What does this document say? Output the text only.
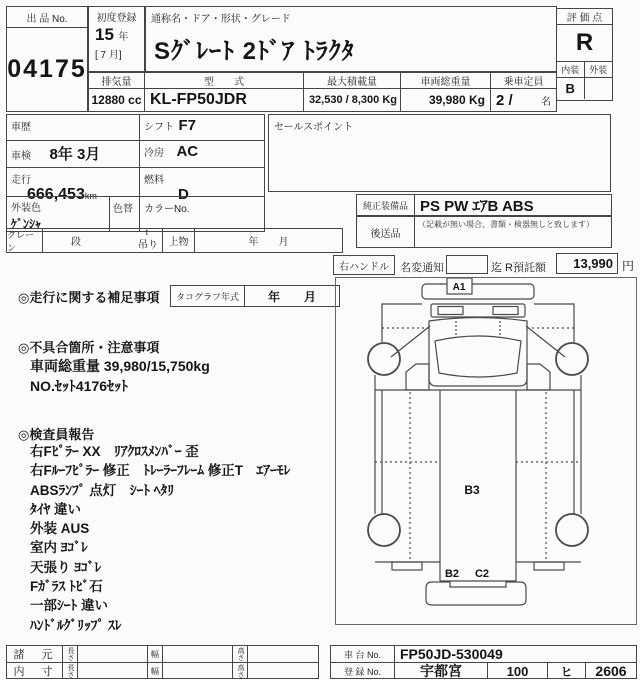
出 品 No.
04175
初度登録
15 年
[ 7 月]
通称名・ドア・形状・グレード
Sｸﾞﾚｰﾄ 2ﾄﾞｱ ﾄﾗｸﾀ
評 価 点
R
内装	外装
B
排気量	型　　式	最大積載量	車両総重量	乗車定員
12880 cc KL-FP50JDR	32,530 / 8,300 Kg	39,980 Kg 2 /	名
車歴	シフト F7
車検 8年 3月	冷房 AC
走行
666,453km
燃料
D
外装色
ｹﾞﾝｼｬ
色替	カラーNo.
セールスポイント
純正装備品 PS PW ｴｱB ABS
後送品
（記載が無い場合、書類・検器無しと致します）
クレーン	段
t
吊り	上物	年　　月
右ハンドル	名変通知	迄 R預託額	13,990 円
◎走行に関する補足事項	タコグラフ年式	年　　月
◎不具合箇所・注意事項
車両総重量 39,980/15,750kg
NO.ｾｯﾄ4176ｾｯﾄ
◎検査員報告
右Fﾋﾟﾗｰ XX　ﾘｱｸﾛｽﾒﾝﾊﾞｰ 歪
右Fﾙｰﾌﾋﾟﾗｰ 修正　ﾄﾚｰﾗｰﾌﾚｰﾑ 修正T　ｴｱｰﾓﾚ
ABSﾗﾝﾌﾟ 点灯　ｼｰﾄ ﾍﾀﾘ
ﾀｲﾔ 違い
外装 AUS
室内 ﾖｺﾞﾚ
天張り ﾖｺﾞﾚ
Fｶﾞﾗｽ ﾄﾋﾞ石
一部ｼｰﾄ 違い
ﾊﾝﾄﾞﾙｸﾞﾘｯﾌﾟ ｽﾚ
A1
B3
B2 C2
諸　元	長さ	幅	高さ
内　寸	長さ	幅	高さ
車 台 No.	FP50JD-530049
登 録 No.	宇都宮	100	ヒ	2606
